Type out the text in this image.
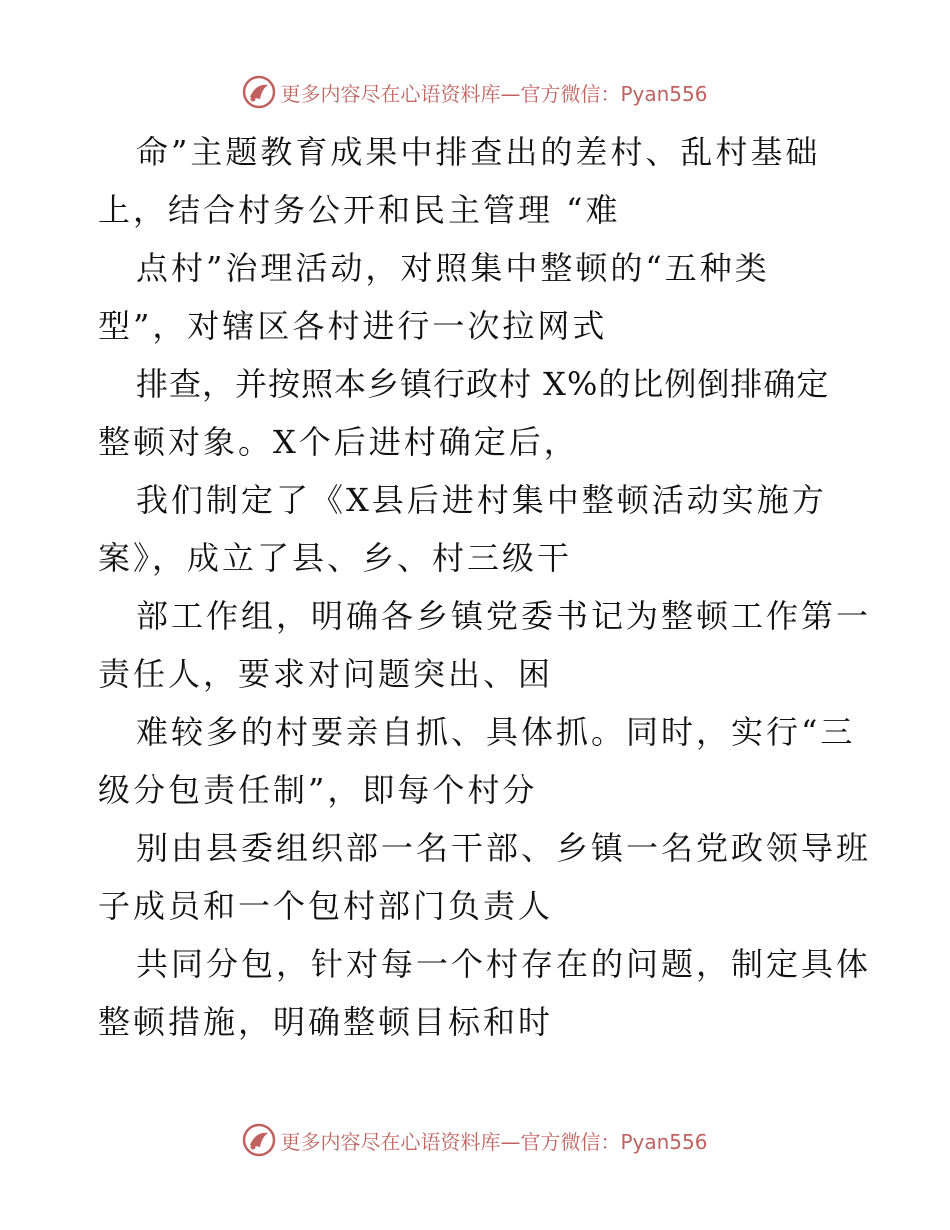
更多内容尽在心语资料库—官方微信：Pyan556
命”主题教育成果中排查出的差村、乱村基础
上，结合村务公开和民主管理 “难
点村”治理活动，对照集中整顿的“五种类
型”，对辖区各村进行一次拉网式
排查，并按照本乡镇行政村 X%的比例倒排确定
整顿对象。X个后进村确定后，
我们制定了《X县后进村集中整顿活动实施方
案》，成立了县、乡、村三级干
部工作组，明确各乡镇党委书记为整顿工作第一
责任人，要求对问题突出、困
难较多的村要亲自抓、具体抓。同时，实行“三
级分包责任制”，即每个村分
别由县委组织部一名干部、乡镇一名党政领导班
子成员和一个包村部门负责人
共同分包，针对每一个村存在的问题，制定具体
整顿措施，明确整顿目标和时
更多内容尽在心语资料库—官方微信：Pyan556
